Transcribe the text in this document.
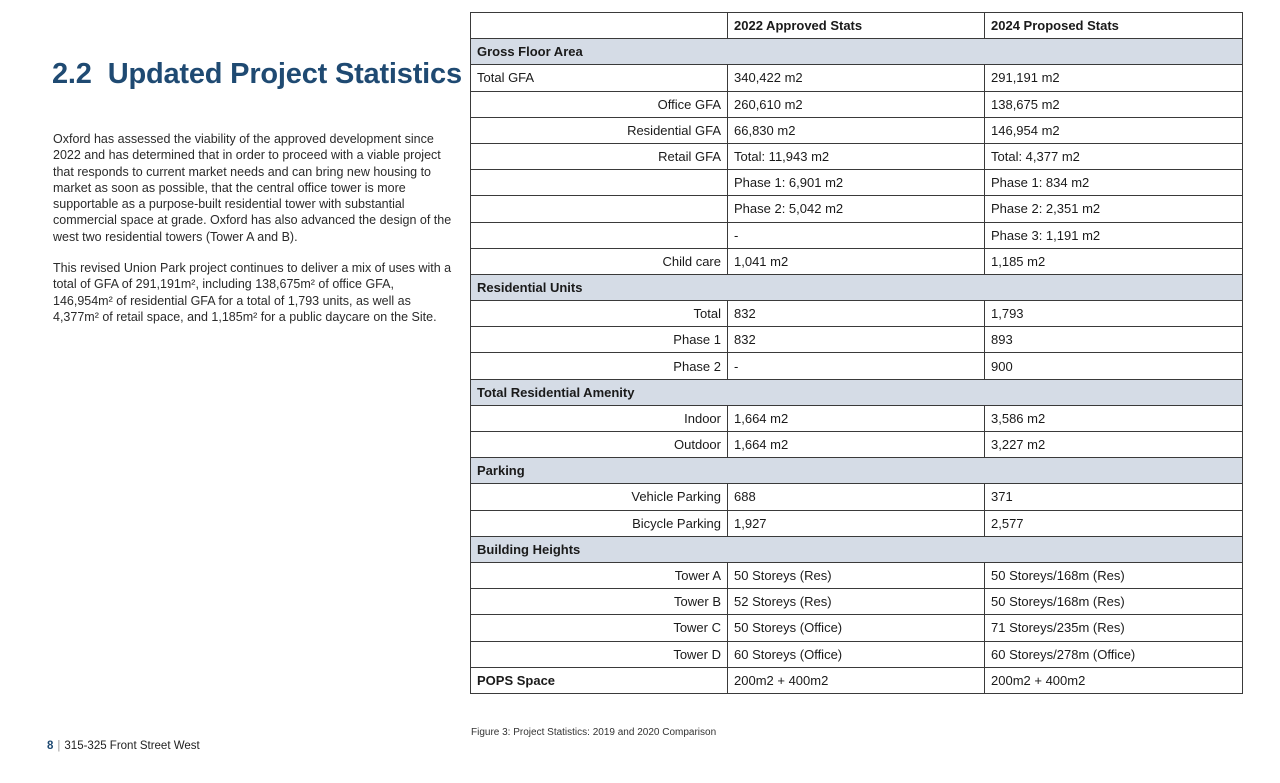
2.2 Updated Project Statistics

Oxford has assessed the viability of the approved development since 2022 and has determined that in order to proceed with a viable project that responds to current market needs and can bring new housing to market as soon as possible, that the central office tower is more supportable as a purpose-built residential tower with substantial commercial space at grade. Oxford has also advanced the design of the west two residential towers (Tower A and B).

This revised Union Park project continues to deliver a mix of uses with a total of GFA of 291,191m², including 138,675m² of office GFA, 146,954m² of residential GFA for a total of 1,793 units, as well as 4,377m² of retail space, and 1,185m² for a public daycare on the Site.

	2022 Approved Stats	2024 Proposed Stats
Gross Floor Area		
Total GFA	340,422 m2	291,191 m2
Office GFA	260,610 m2	138,675 m2
Residential GFA	66,830 m2	146,954 m2
Retail GFA	Total: 11,943 m2	Total: 4,377 m2
	Phase 1: 6,901 m2	Phase 1: 834 m2
	Phase 2: 5,042 m2	Phase 2: 2,351 m2
	-	Phase 3: 1,191 m2
Child care	1,041 m2	1,185 m2
Residential Units		
Total	832	1,793
Phase 1	832	893
Phase 2	-	900
Total Residential Amenity		
Indoor	1,664 m2	3,586 m2
Outdoor	1,664 m2	3,227 m2
Parking		
Vehicle Parking	688	371
Bicycle Parking	1,927	2,577
Building Heights		
Tower A	50 Storeys (Res)	50 Storeys/168m (Res)
Tower B	52 Storeys (Res)	50 Storeys/168m (Res)
Tower C	50 Storeys (Office)	71 Storeys/235m (Res)
Tower D	60 Storeys (Office)	60 Storeys/278m (Office)
POPS Space	200m2 + 400m2	200m2 + 400m2
Figure 3: Project Statistics: 2019 and 2020 Comparison
8 | 315-325 Front Street West
